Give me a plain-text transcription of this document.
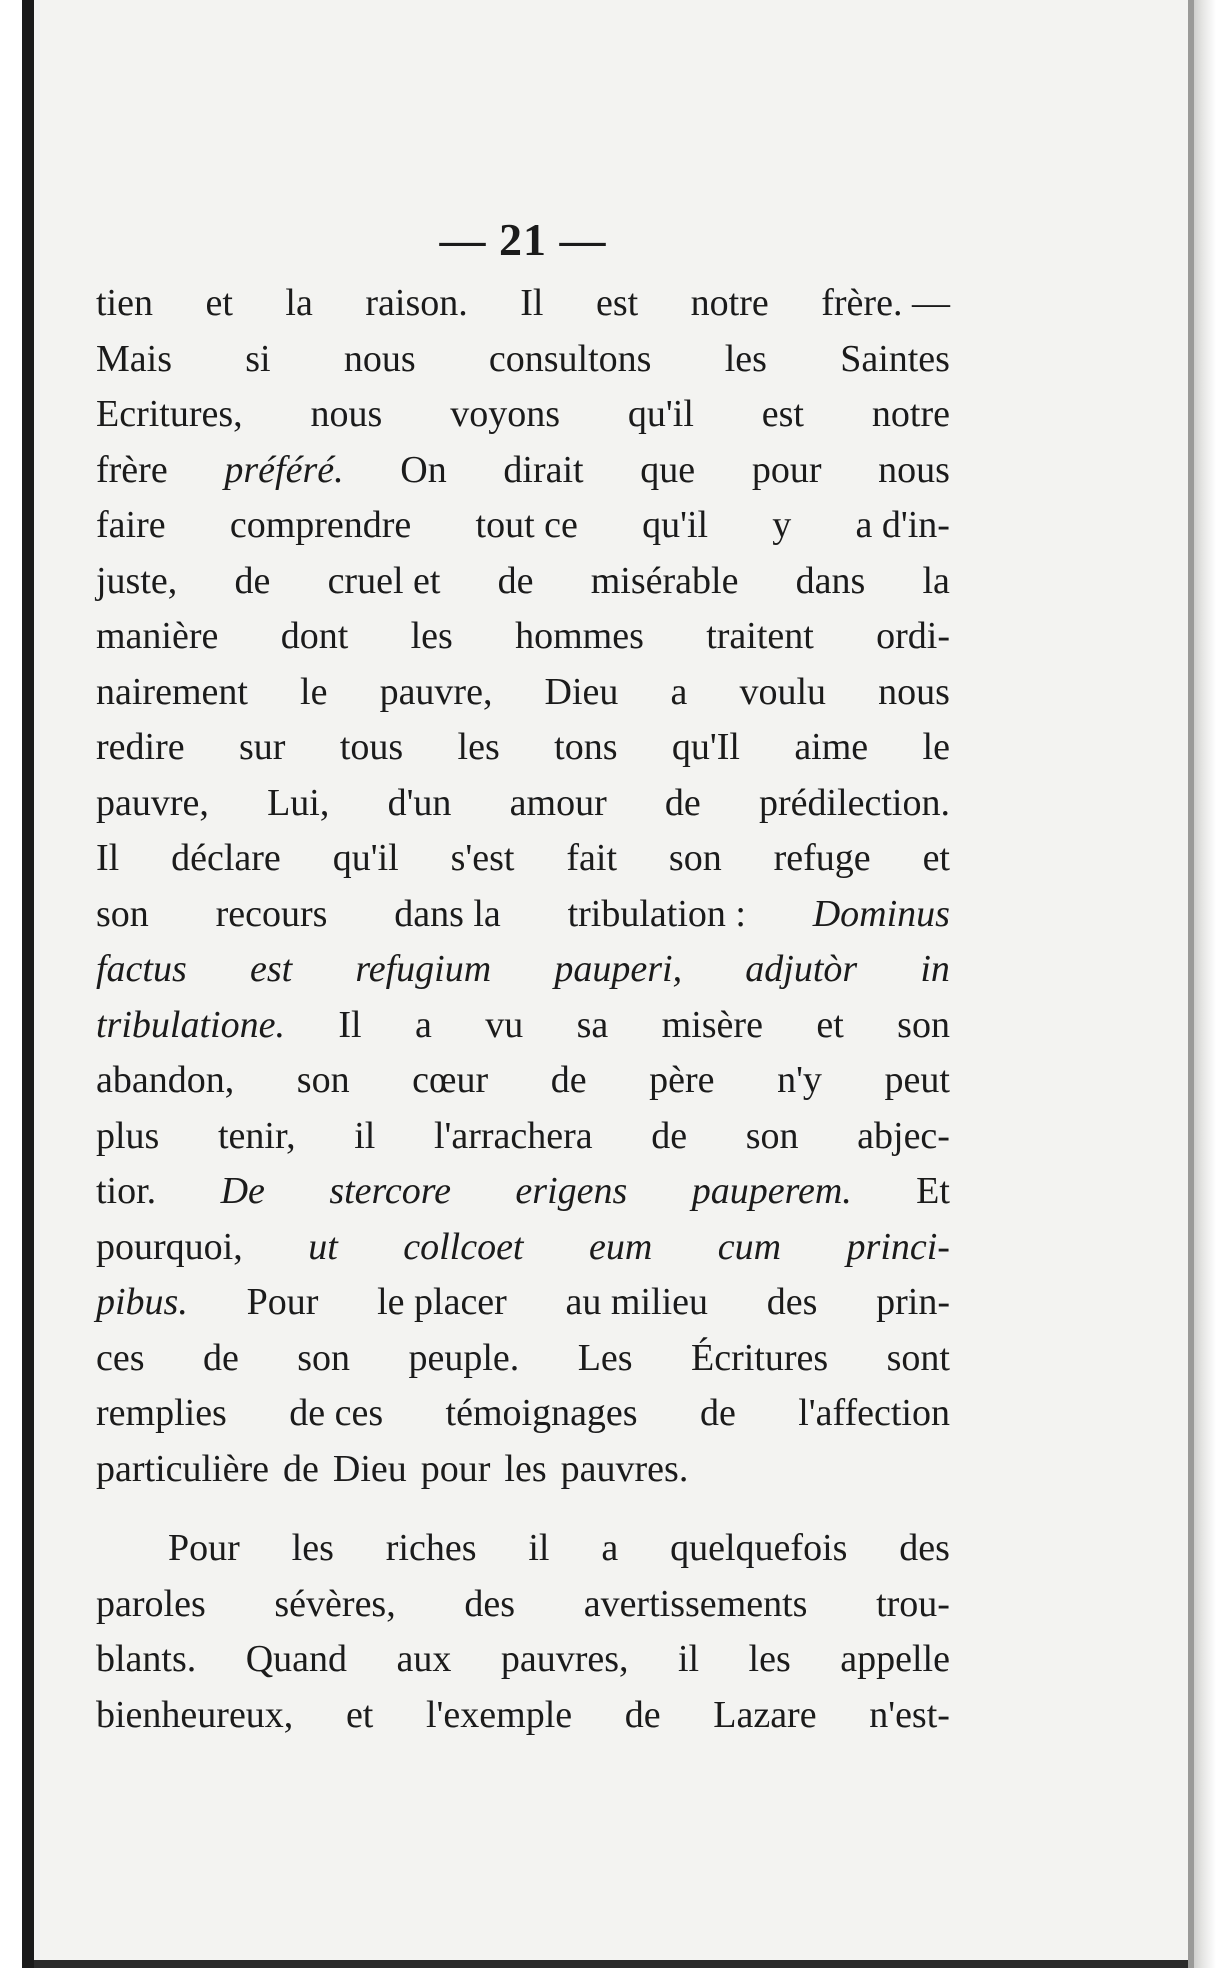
— 21 —
tien et la raison. Il est notre frère. —
Mais si nous consultons les Saintes
Ecritures, nous voyons qu'il est notre
frère préféré. On dirait que pour nous
faire comprendre tout ce qu'il y a d'in-
juste, de cruel et de misérable dans la
manière dont les hommes traitent ordi-
nairement le pauvre, Dieu a voulu nous
redire sur tous les tons qu'Il aime le
pauvre, Lui, d'un amour de prédilection.
Il déclare qu'il s'est fait son refuge et
son recours dans la tribulation : Dominus
factus est refugium pauperi, adjutòr in
tribulatione. Il a vu sa misère et son
abandon, son cœur de père n'y peut
plus tenir, il l'arrachera de son abjec-
tior. De stercore erigens pauperem. Et
pourquoi, ut collcoet eum cum princi-
pibus. Pour le placer au milieu des prin-
ces de son peuple. Les Écritures sont
remplies de ces témoignages de l'affection
particulière de Dieu pour les pauvres.
Pour les riches il a quelquefois des
paroles sévères, des avertissements trou-
blants. Quand aux pauvres, il les appelle
bienheureux, et l'exemple de Lazare n'est-
